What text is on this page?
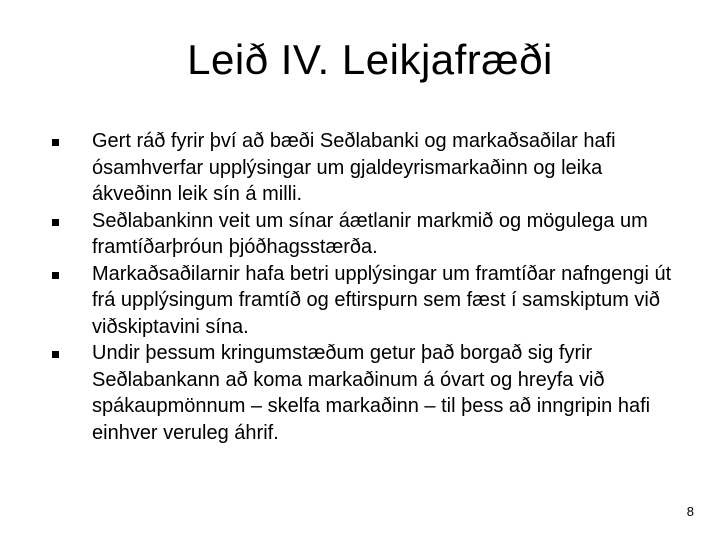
Leið IV. Leikjafræði
Gert ráð fyrir því að bæði Seðlabanki og markaðsaðilar hafi ósamhverfar upplýsingar um gjaldeyrismarkaðinn og leika ákveðinn leik sín á milli.
Seðlabankinn veit um sínar áætlanir markmið og mögulega um framtíðarþróun þjóðhagsstærða.
Markaðsaðilarnir hafa betri upplýsingar um framtíðar nafngengi út frá upplýsingum framtíð og eftirspurn sem fæst í samskiptum við viðskiptavini sína.
Undir þessum kringumstæðum getur það borgað sig fyrir Seðlabankann að koma markaðinum á óvart og hreyfa við spákaupmönnum – skelfa markaðinn – til þess að inngripin hafi einhver veruleg áhrif.
8
